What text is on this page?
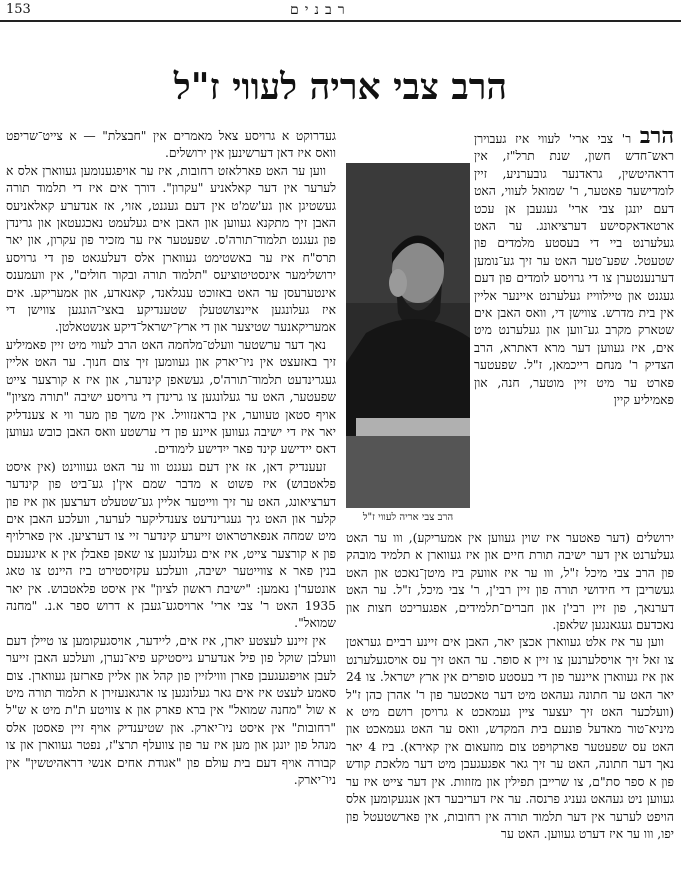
153	רבנים
הרב צבי אריה לעווי ז"ל

הרב ר' צבי ארי' לעווי איז געבוירן ראש־חדש חשון, שנת תרל"ז, אין דראהיטשין, גראדנער גובערניע, זיין לומדישער פאטער, ר' שמואל לעווי, האט דעם יונגן צבי ארי' געגעבן אן עכט ארטאדאקסישע דערציאונג. ער האט געלערנט ביי די בעסטע מלמדים פון שטעטל. שפע־טער האט ער זיך גע־נומען דערנענטערן צו די גרויסע לומדים פון דעם געגנט און טיילווייז געלערנט איינער אליין אין בית מדרש. צווישן די, וואס האבן אים שטארק מקרב גע־ווען און געלערנט מיט אים, איז געווען דער מרא דאתרא, הרב הצדיק ר' מנחם רייכמאן, ז"ל. שפעטער פארט ער מיט זיין מוטער, חנה, און פאמיליע קיין

הרב צבי אריה לעווי ז"ל

ירושלים (דער פאטער איז שוין געווען אין אמעריקע), ווו ער האט געלערנט אין דער ישיבה תורת חיים און איז געווארן א תלמיד מובהק פון הרב צבי מיכל ז"ל, ווו ער איז אוועק ביז מיטן־נאכט און האט געשריבן די חידושי תורה פון זיין רבי'ן, ר' צבי מיכל, ז"ל. ער האט דערנאך, פון זיין רבי'ן און חברים־תלמידים, אפגעריכט חצות און נאכדעם געגאנגען שלאפן.

ווען ער איז אלט געווארן אכצן יאר, האבן אים זיינע רביים געראטן צו זאל זיך אויסלערנען צו זיין א סופר. ער האט זיך עס אויסגעלערנט און איז געווארן איינער פון די בעסטע סופרים אין ארץ ישראל. צו 24 יאר האט ער חתונה געהאט מיט דער טאכטער פון ר' אהרן כהן ז"ל (וועלכער האט זיך יעצער ציין געמאכט א גרויסן רושם מיט א מיניא־טור מאדעל פונעם בית המקדש, וואס ער האט געמאכט און האט עס שפעטער פארקויפט צום מוזעאום אין קאירא). ביז 4 יאר נאך דער חתונה, האט ער זיך גאר אפגעגעבן מיט דער מלאכת קודש פון א ספר סת"ם, צו שרייבן תפילין און מזוזות. אין דער צייט איז ער געווען ניט געהאט געניג פרנסה. ער איז דעריבער דאן אנגעקומען אלס הויפט לערער אין דער תלמוד תורה אין רחובות, אין פארשטעטל פון יפו, ווו ער איז דערט געווען. האט ער

געדרוקט א גרויסע צאל מאמרים אין "חבצלת" — א צייט־שריפט וואס איז דאן דערשינען אין ירושלים.

ווען ער האט פארלאזט רחובות, איז ער אויפגענומען געווארן אלס א לערער אין דער קאלאניע "עקרון". דורך אים איז די תלמוד תורה געשטיגן און גע'שמ'ט אין דעם געגנט, אזוי, אז אנדערע קאלאניעס האבן זיך מתקנא געווען און האבן אים געלעמט נאכגעטאן און גרינדן פון געגנט תלמוד־תורה'ס. שפעטער איז ער מזכיר פון עקרון, און יאר תרס"ח איז ער באשטימט געווארן אלס דעלעגאט פון די גרויסע ירושלימער אינסטיטוציעס "תלמוד תורה ובקור חולים", אין וועמענס אינטערעסן ער האט באזוכט ענגלאנד, קאנאדע, און אמעריקע. אים איז געלונגען איינצושטעלן שטענדיקע באצי־הונגען צווישן די אמעריקאנער שטיצער און די ארץ־ישראל־דיקע אנשטאלטן.

נאך דער ערשטער וועלט־מלחמה האט הרב לעווי מיט זיין פאמיליע זיך באזעצט אין ניו־יארק און געוומען זיך צום חנוך. ער האט אליין געגרינדעט תלמוד־תורה'ס, געשאפן קינדער, און איז א קורצער צייט שפעטער, האט ער געלונגען צו גרינדן די גרויסע ישיבה "תורה מציון" אויף סטאן טעווער, אין בראנזוויל. אין משך פון מער ווי א צענדליק יאר איז די ישיבה געווען איינע פון די ערשטע וואס האבן כובש געווען דאס יידישע קינד פאר ייִדישע לימודים.

זעענדיק דאן, אז אין דעם געגנט ווו ער האט געוווינט (אין איסט פלאטבוש) איז פשוט א מדבר שמם אין'ן גע־ביט פון קינדער דערציאונג, האט ער זיך ווייטער אליין גע־שטעלט דערצען און איז פון קלער און האט גיך געגרינדעט צענדליקער לערער, וועלכע האבן אים מיט שמחה אנפארטראוט זייערע קינדער זיי צו דערציען. אין פארלויף פון א קורצער צייט, איז אים געלונגען צו שאפן פאבלן אין א איגענעם בנין פאר א צווייטער ישיבה, וועלכע עקזיסטירט ביז היינט צו טאג אונטער'ן נאמען: "ישיבת ראשון לציון" אין איסט פלאטבוש. אין יאר 1935 האט ר' צבי ארי' ארויסגע־געבן א דרוש ספר א.נ. "מחנה שמואל".

אין זיינע לעצטע יארן, איז אים, ליידער, אויסגעקומען צו טיילן דעם וועלבן שוקל פון פיל אנדערע גייסטיקע פיא־נערן, וועלכע האבן זייער לעבן אויפגעגעבן פארן וווילזיין פון קהל און אליין פארזען געווארן. צום סאמע לעצט איז אים גאר געלונגען צו ארגאנעזירן א תלמוד תורה מיט א שול "מחנה שמואל" אין ברא פארק און א צוויטע ת"ת מיט א ש"ל "רחובות" אין איסט ניו־יארק. און שטיענדיק אויף זיין פאסטן אלס מנהל פון יונגן און מען איז ער פון צוועלף תרצ"ז, נפטר געווארן און צו קבורה אויף דעם בית עולם פון "אגודת אחים אנשי דראהיטשין" אין ניו־יארק.
